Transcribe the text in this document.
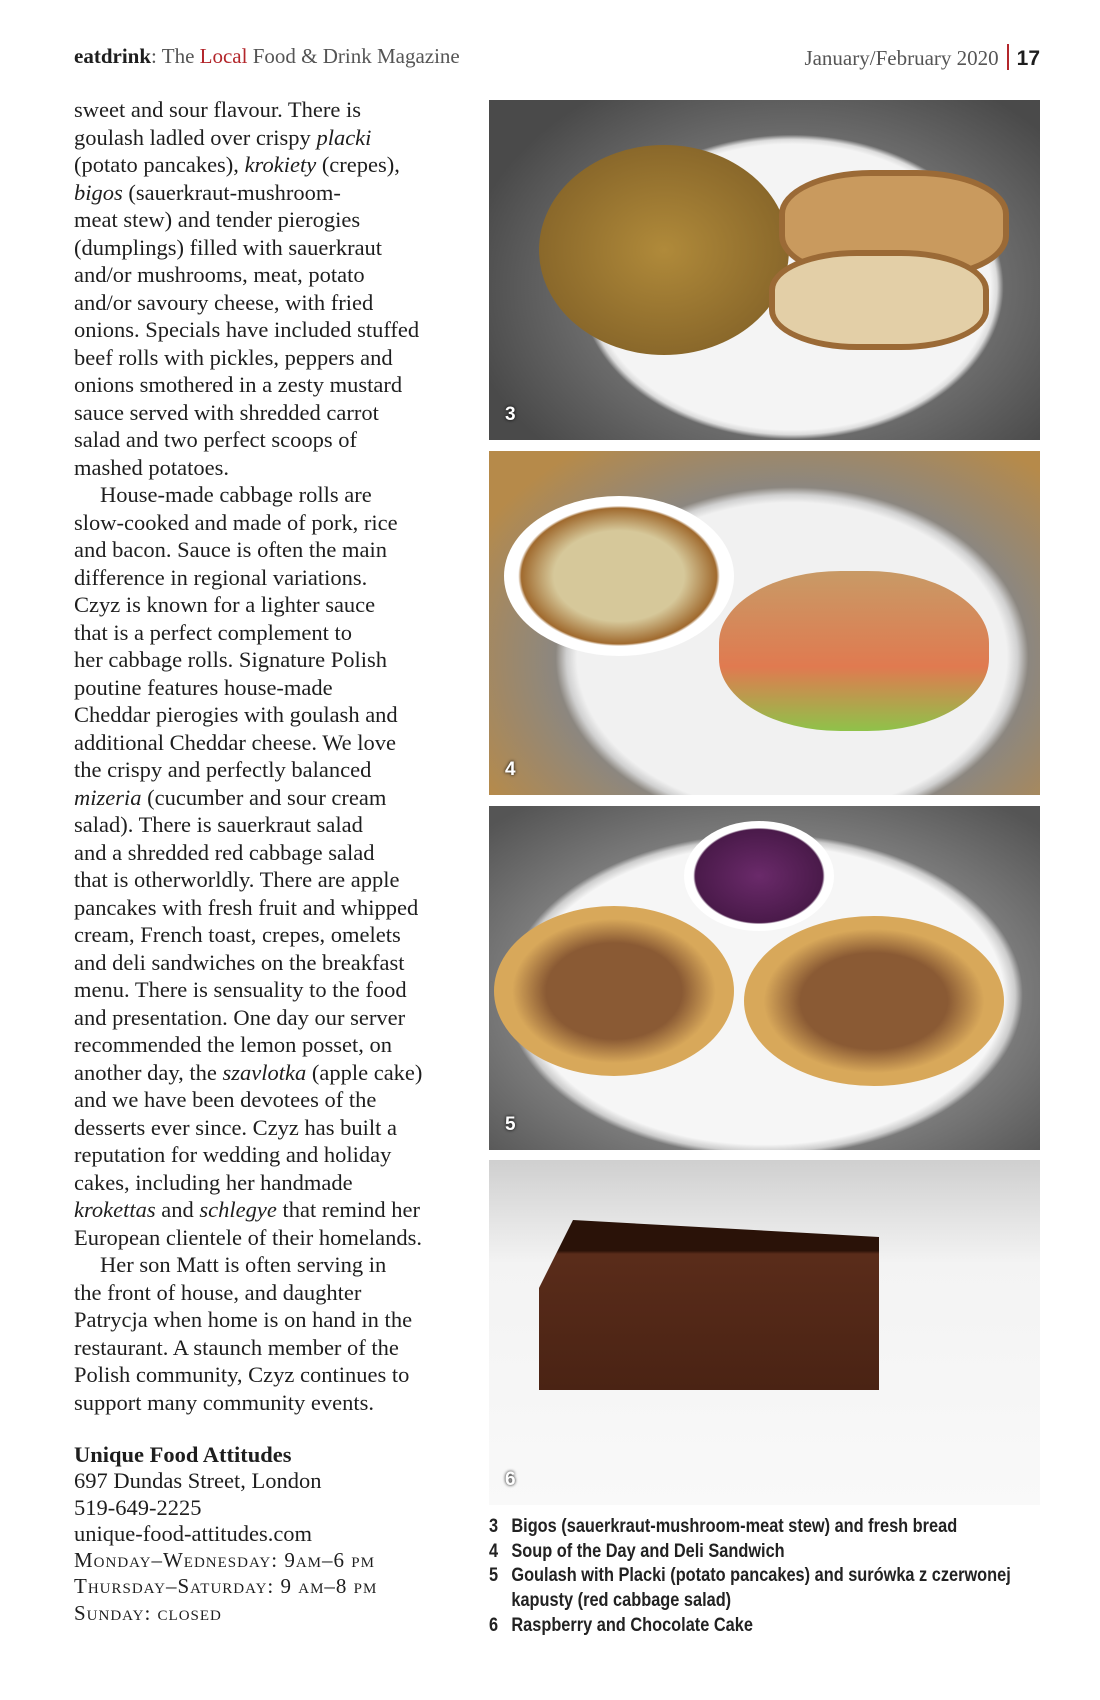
eatdrink: The Local Food & Drink Magazine	January/February 2020 17
sweet and sour flavour. There is
goulash ladled over crispy placki
(potato pancakes), krokiety (crepes),
bigos (sauerkraut-mushroom-
meat stew) and tender pierogies
(dumplings) filled with sauerkraut
and/or mushrooms, meat, potato
and/or savoury cheese, with fried
onions. Specials have included stuffed
beef rolls with pickles, peppers and
onions smothered in a zesty mustard
sauce served with shredded carrot
salad and two perfect scoops of
mashed potatoes.
House-made cabbage rolls are
slow-cooked and made of pork, rice
and bacon. Sauce is often the main
difference in regional variations.
Czyz is known for a lighter sauce
that is a perfect complement to
her cabbage rolls. Signature Polish
poutine features house-made
Cheddar pierogies with goulash and
additional Cheddar cheese. We love
the crispy and perfectly balanced
mizeria (cucumber and sour cream
salad). There is sauerkraut salad
and a shredded red cabbage salad
that is otherworldly. There are apple
pancakes with fresh fruit and whipped
cream, French toast, crepes, omelets
and deli sandwiches on the breakfast
menu. There is sensuality to the food
and presentation. One day our server
recommended the lemon posset, on
another day, the szavlotka (apple cake)
and we have been devotees of the
desserts ever since. Czyz has built a
reputation for wedding and holiday
cakes, including her handmade
krokettas and schlegye that remind her
European clientele of their homelands.
Her son Matt is often serving in
the front of house, and daughter
Patrycja when home is on hand in the
restaurant. A staunch member of the
Polish community, Czyz continues to
support many community events.
Unique Food Attitudes
697 Dundas Street, London
519-649-2225
unique-food-attitudes.com
Monday–Wednesday: 9am–6 pm
Thursday–Saturday: 9 am–8 pm
Sunday: closed
3
4
5
6
3 Bigos (sauerkraut-mushroom-meat stew) and fresh bread
4 Soup of the Day and Deli Sandwich
5 Goulash with Placki (potato pancakes) and surówka z czerwonej kapusty (red cabbage salad)
6 Raspberry and Chocolate Cake
